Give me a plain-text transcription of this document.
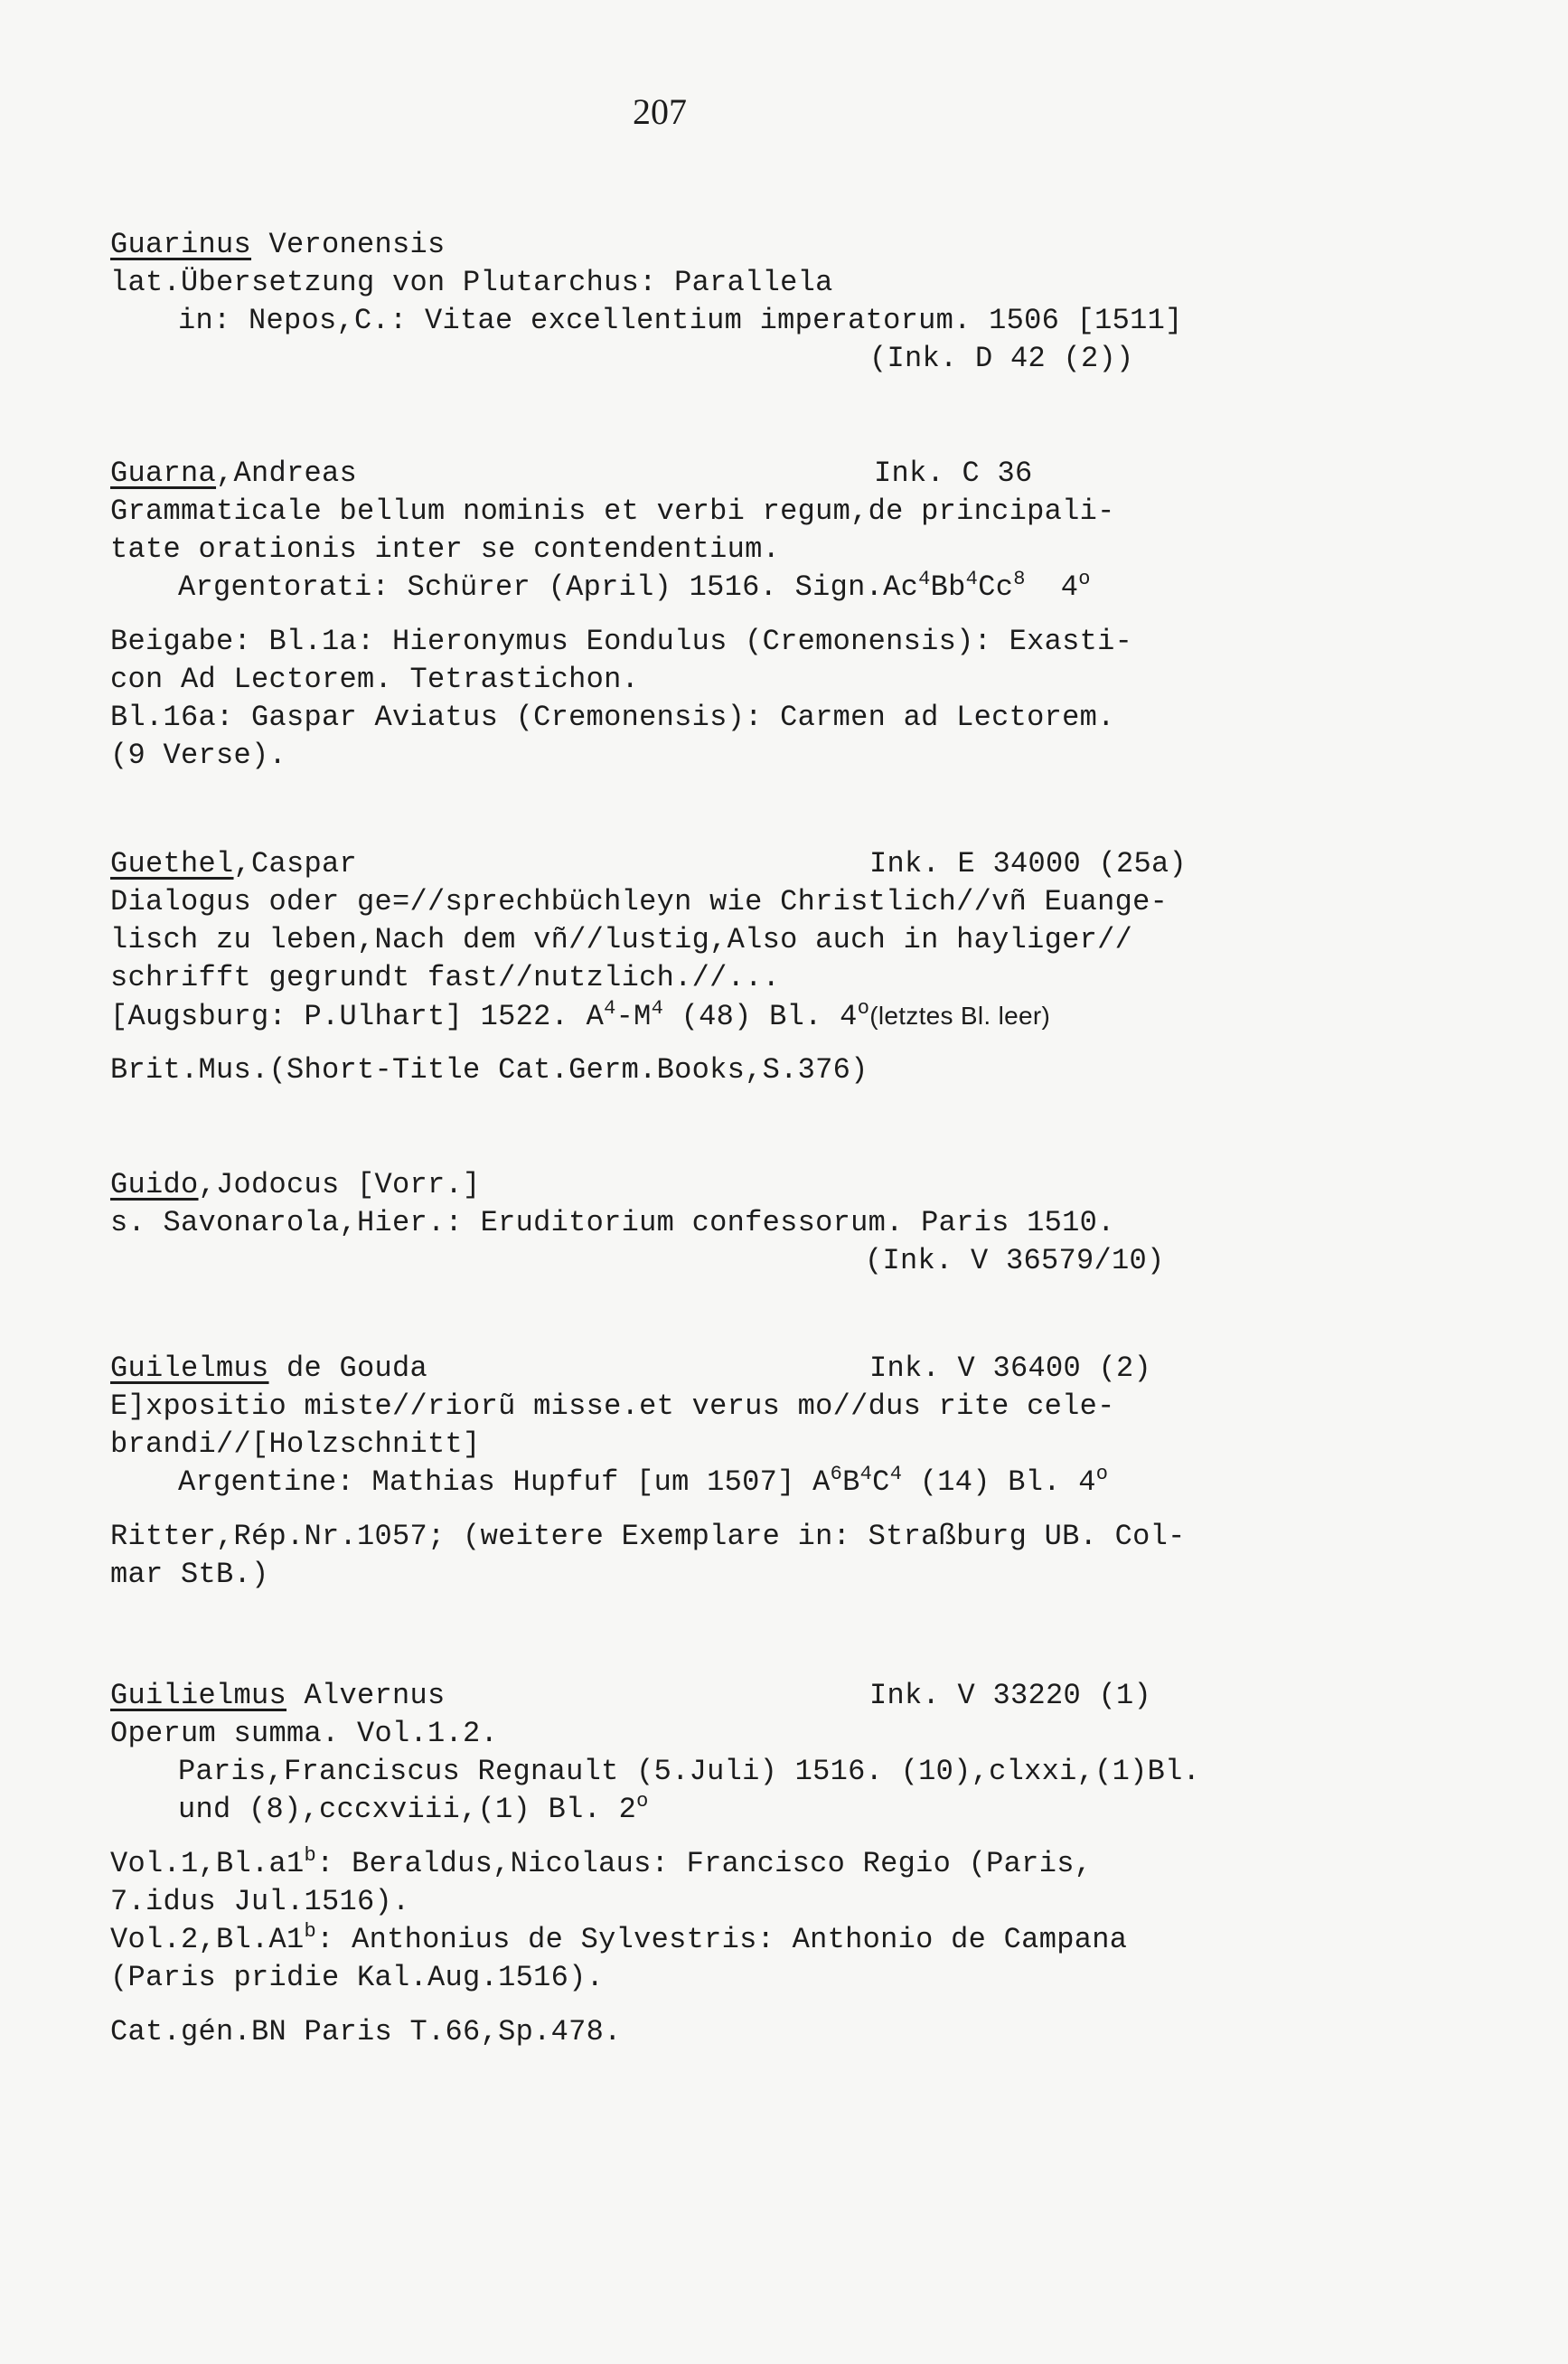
207
Guarinus Veronensis
lat.Übersetzung von Plutarchus: Parallela
in: Nepos,C.: Vitae excellentium imperatorum. 1506 [1511]
(Ink. D 42 (2))
Guarna,Andreas	Ink. C 36
Grammaticale bellum nominis et verbi regum,de principali-
tate orationis inter se contendentium.
Argentorati: Schürer (April) 1516. Sign.Ac$^4$Bb$^4$Cc$^8$ 4$^o$
Beigabe: Bl.1a: Hieronymus Eondulus (Cremonensis): Exasti-
con Ad Lectorem. Tetrastichon.
Bl.16a: Gaspar Aviatus (Cremonensis): Carmen ad Lectorem.
(9 Verse).
Guethel,Caspar	Ink. E 34000 (25a)
Dialogus oder ge=//sprechbüchleyn wie Christlich//vñ Euange-
lisch zu leben,Nach dem vñ//lustig,Also auch in hayliger//
schrifft gegrundt fast//nutzlich.//...
[Augsburg: P.Ulhart] 1522. $A^4-M^4$ (48) Bl. 4$^o$(letztes Bl. leer)
Brit.Mus.(Short-Title Cat.Germ.Books,S.376)
Guido,Jodocus [Vorr.]
s. Savonarola,Hier.: Eruditorium confessorum. Paris 1510.
(Ink. V 36579/10)
Guilelmus de Gouda	Ink. V 36400 (2)
E]xpositio miste//riorũ misse.et verus mo//dus rite cele-
brandi//[Holzschnitt]
Argentine: Mathias Hupfuf [um 1507] $A^6B^4C^4$ (14) Bl. 4$^o$
Ritter,Rép.Nr.1057; (weitere Exemplare in: Straßburg UB. Col-
mar StB.)
Guilielmus Alvernus	Ink. V 33220 (1)
Operum summa. Vol.1.2.
Paris,Franciscus Regnault (5.Juli) 1516. (10),clxxi,(1)Bl.
und (8),cccxviii,(1) Bl. 2$^o$
Vol.1,Bl.a1$^b$: Beraldus,Nicolaus: Francisco Regio (Paris,
7.idus Jul.1516).
Vol.2,Bl.A1$^b$: Anthonius de Sylvestris: Anthonio de Campana
(Paris pridie Kal.Aug.1516).
Cat.gén.BN Paris T.66,Sp.478.
